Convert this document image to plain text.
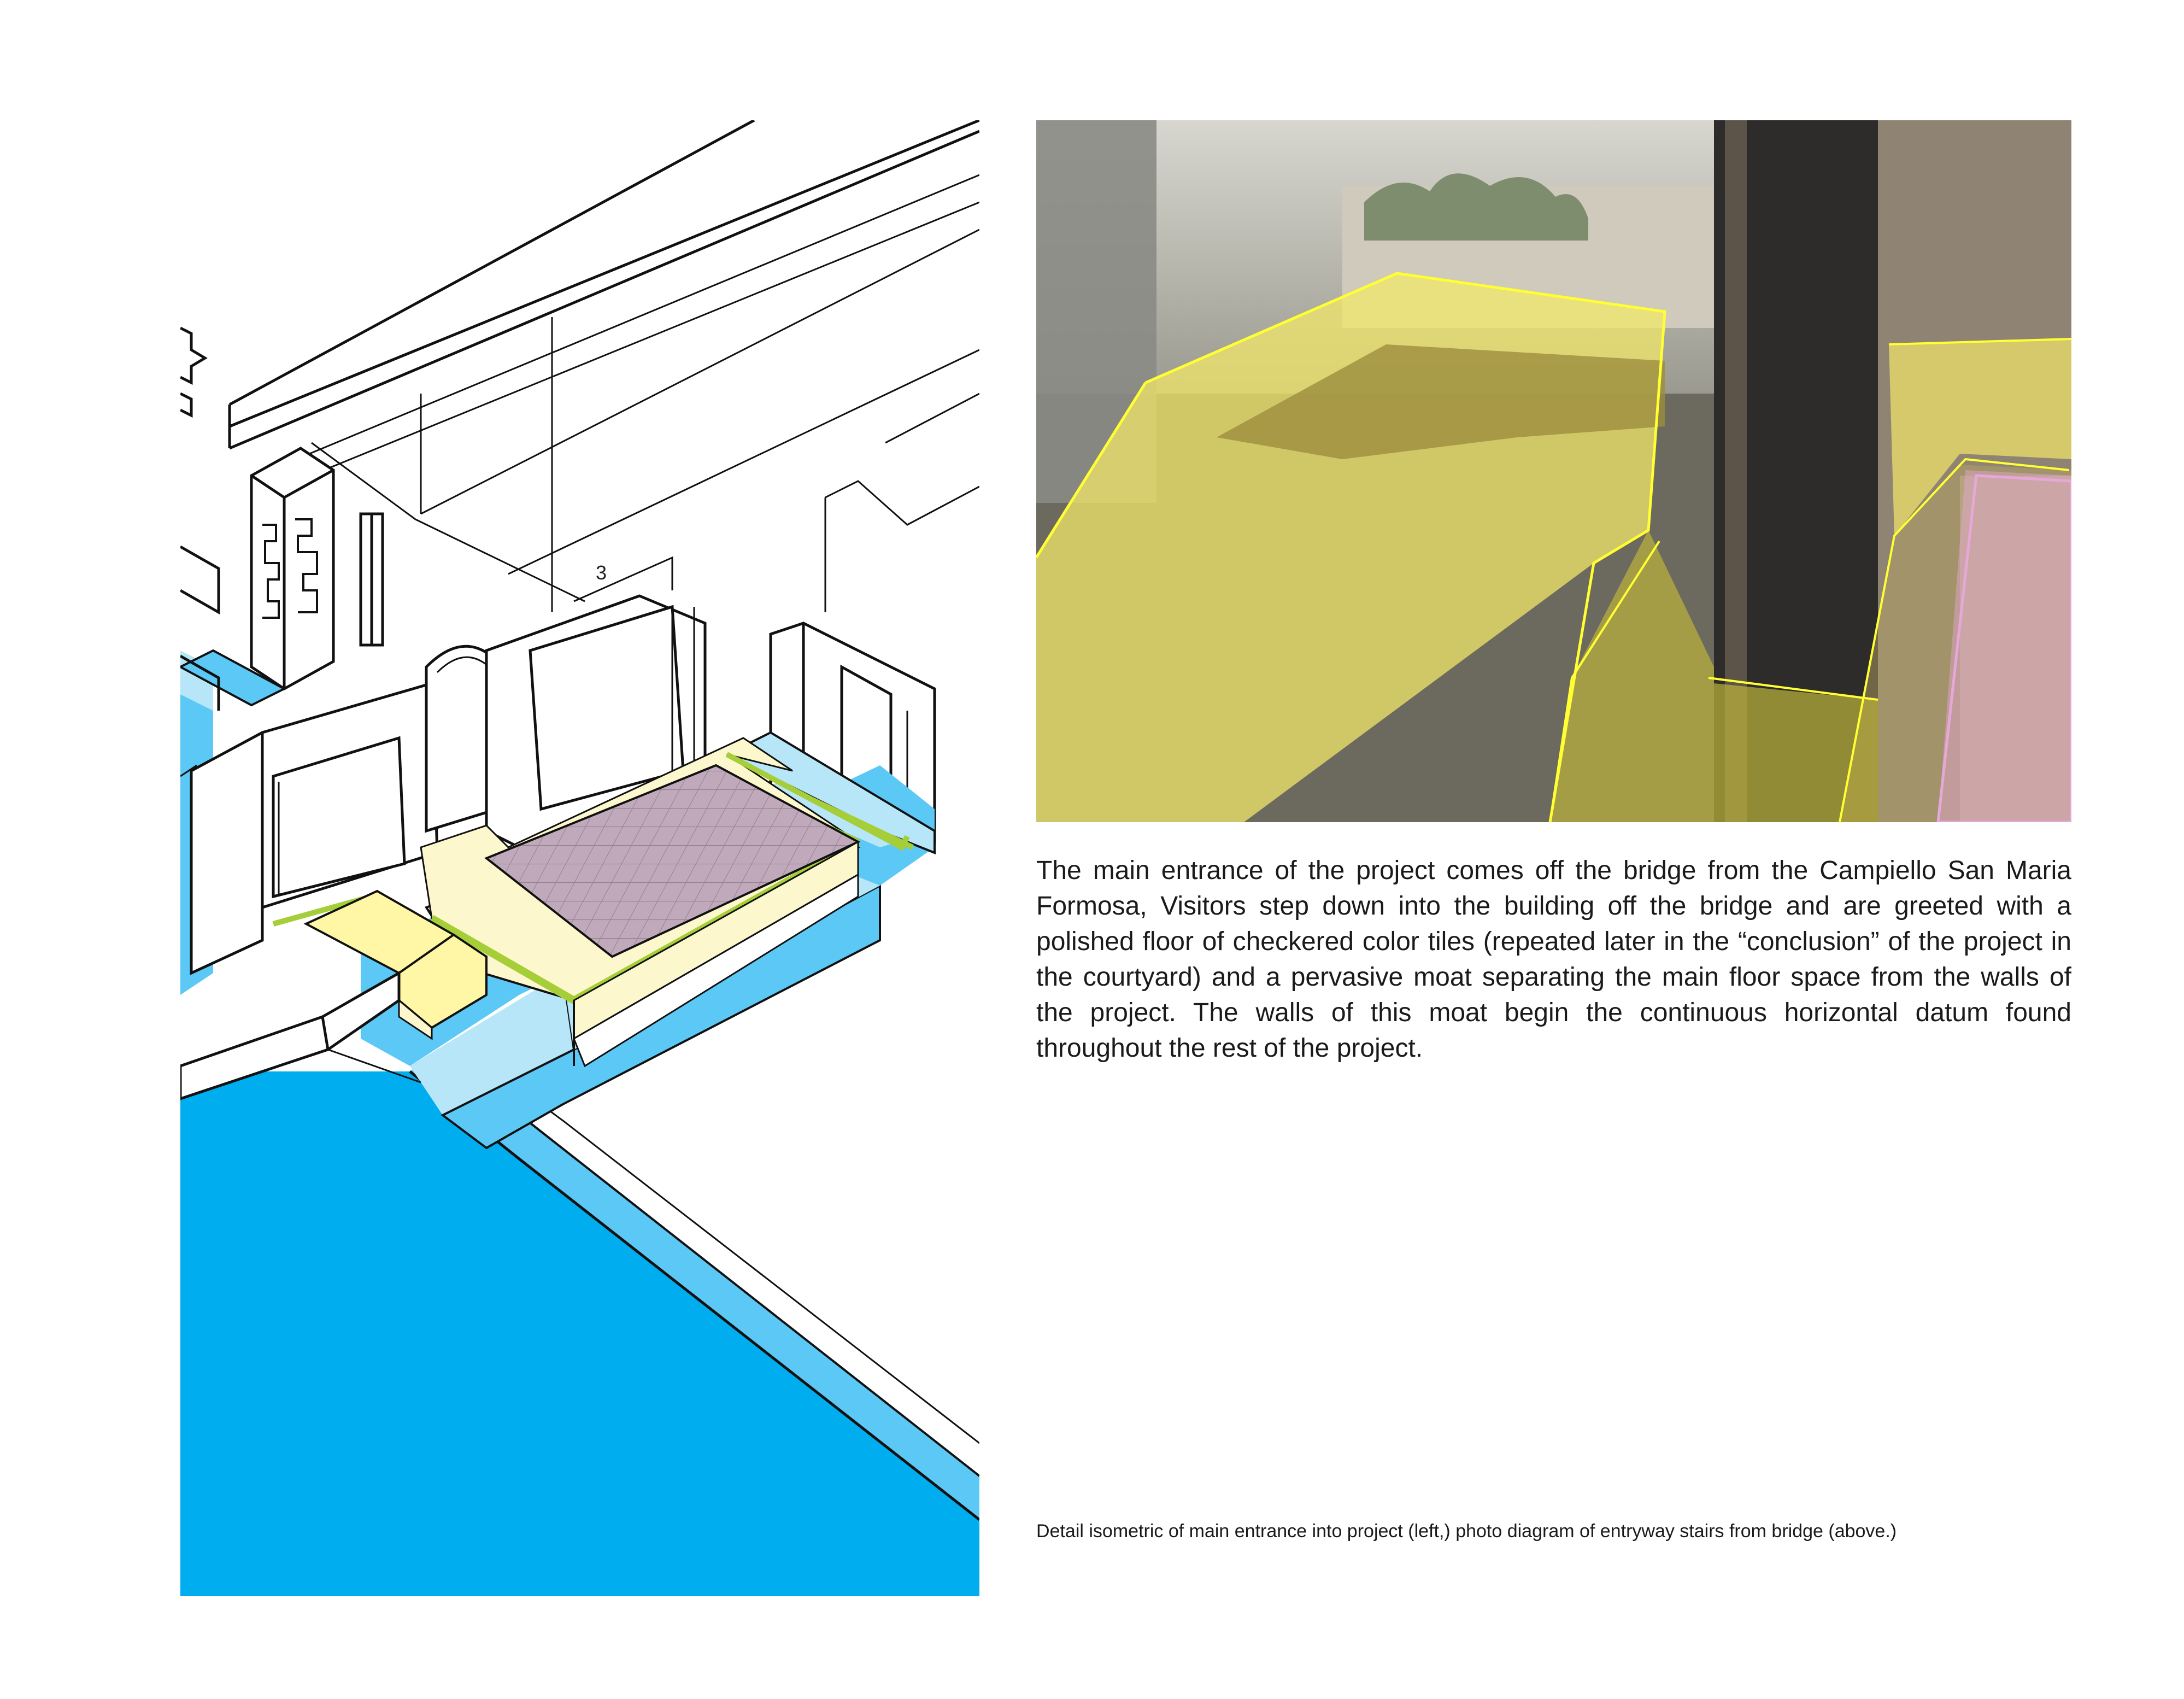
3
The main entrance of the project comes off the bridge from the Campiello San Maria Formosa, Visitors step down into the building off the bridge and are greeted with a polished floor of checkered color tiles (repeated later in the “conclusion” of the project in the courtyard) and a pervasive moat separating the main floor space from the walls of the project. The walls of this moat begin the continuous horizontal datum found throughout the rest of the project.
Detail isometric of main entrance into project (left,) photo diagram of entryway stairs from bridge (above.)
